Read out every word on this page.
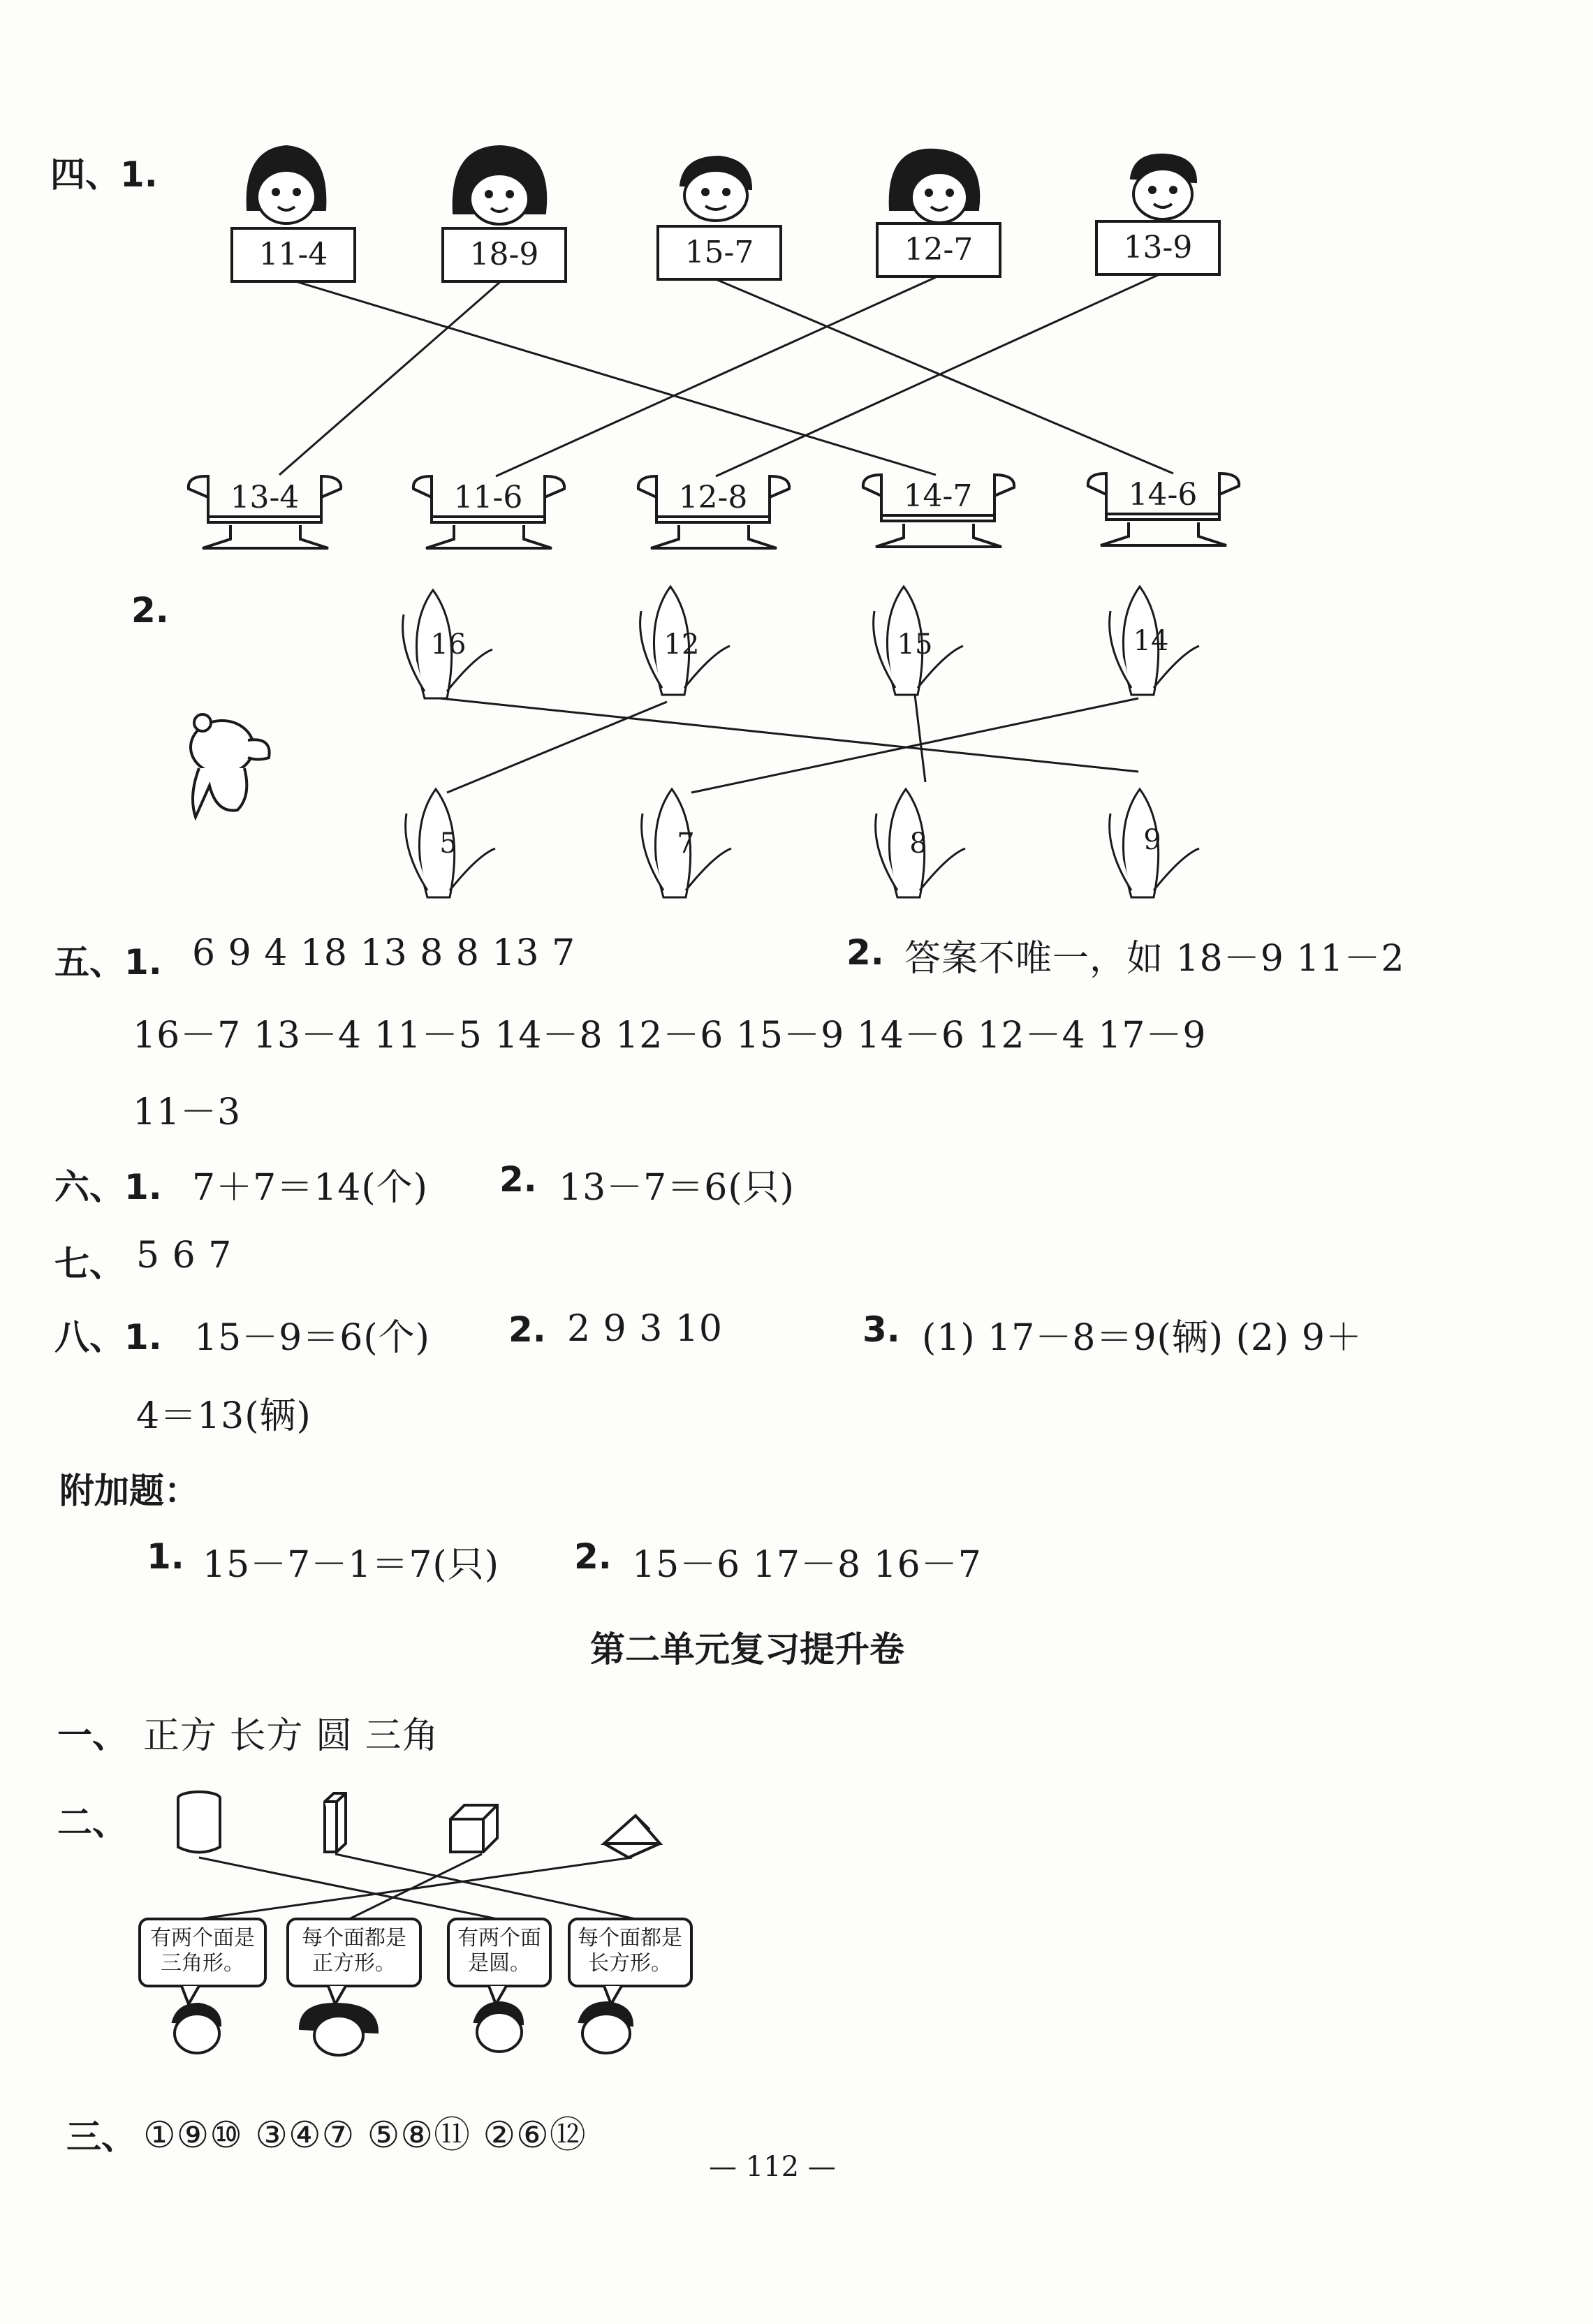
四、1.
11-4	18-9	15-7	12-7	13-9
13-4	11-6	12-8	14-7	14-6
2.
16	12	15	14
5	7	8	9
五、1. 6 9 4 18 13 8 8 13 7	2. 答案不唯一，如 18－9 11－2
16－7 13－4 11－5 14－8 12－6 15－9 14－6 12－4 17－9
11－3
六、1. 7＋7＝14(个) 2. 13－7＝6(只)
七、 5 6 7
八、1. 15－9＝6(个) 2. 2 9 3 10	3. (1) 17－8＝9(辆) (2) 9＋
4＝13(辆)
附加题：
1. 15－7－1＝7(只) 2. 15－6 17－8 16－7
第二单元复习提升卷
一、 正方 长方 圆 三角
二、
有两个面是三角形。
每个面都是正方形。
有两个面是圆。
每个面都是长方形。
三、 ①⑨⑩ ③④⑦ ⑤⑧⑪ ②⑥⑫
— 112 —
